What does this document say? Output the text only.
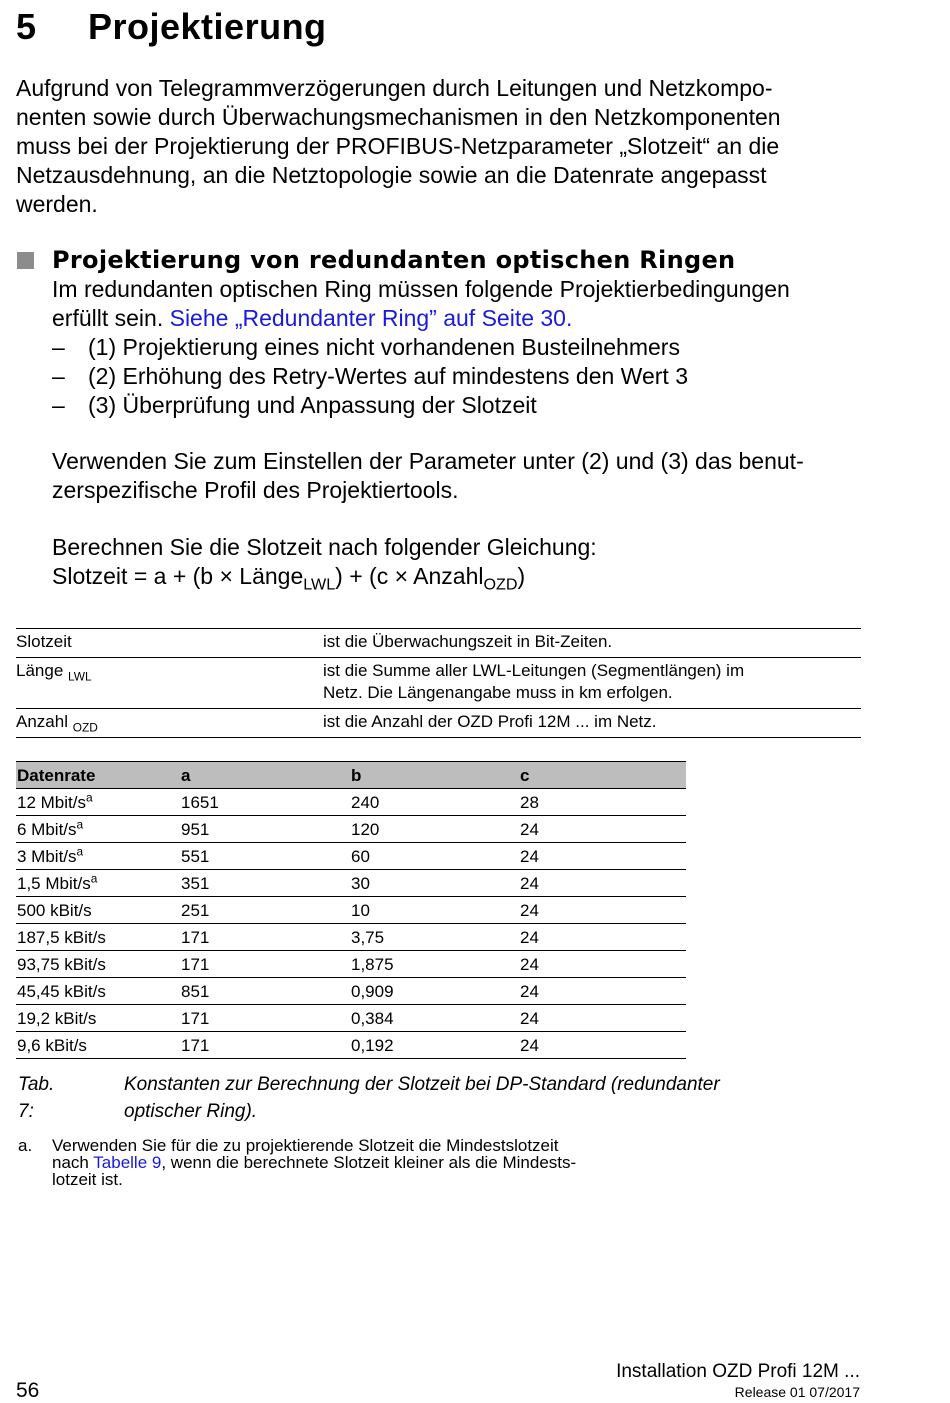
5 Projektierung
Aufgrund von Telegrammverzögerungen durch Leitungen und Netzkompo-
nenten sowie durch Überwachungsmechanismen in den Netzkomponenten
muss bei der Projektierung der PROFIBUS-Netzparameter „Slotzeit“ an die
Netzausdehnung, an die Netztopologie sowie an die Datenrate angepasst
werden.
Projektierung von redundanten optischen Ringen
Im redundanten optischen Ring müssen folgende Projektierbedingungen
erfüllt sein. Siehe „Redundanter Ring” auf Seite 30.
–	(1) Projektierung eines nicht vorhandenen Busteilnehmers
–	(2) Erhöhung des Retry-Wertes auf mindestens den Wert 3
–	(3) Überprüfung und Anpassung der Slotzeit
Verwenden Sie zum Einstellen der Parameter unter (2) und (3) das benut-
zerspezifische Profil des Projektiertools.
Berechnen Sie die Slotzeit nach folgender Gleichung:
Slotzeit = a + (b × Länge$_{LWL}$) + (c × Anzahl$_{OZD}$)
Slotzeit	ist die Überwachungszeit in Bit-Zeiten.
Länge $_{LWL}$	ist die Summe aller LWL-Leitungen (Segmentlängen) im
Netz. Die Längenangabe muss in km erfolgen.
Anzahl $_{OZD}$	ist die Anzahl der OZD Profi 12M ... im Netz.
Datenrate	a	b	c
12 Mbit/$s^a$	1651	240	28
6 Mbit/$s^a$	951	120	24
3 Mbit/$s^a$	551	60	24
1,5 Mbit/$s^a$	351	30	24
500 kBit/s	251	10	24
187,5 kBit/s	171	3,75	24
93,75 kBit/s	171	1,875	24
45,45 kBit/s	851	0,909	24
19,2 kBit/s	171	0,384	24
9,6 kBit/s	171	0,192	24
Tab. 7:
Konstanten zur Berechnung der Slotzeit bei DP-Standard (redundanter
optischer Ring).
a. Verwenden Sie für die zu projektierende Slotzeit die Mindestslotzeit
nach Tabelle 9, wenn die berechnete Slotzeit kleiner als die Mindests-
lotzeit ist.
56
Installation OZD Profi 12M ...
Release 01 07/2017
